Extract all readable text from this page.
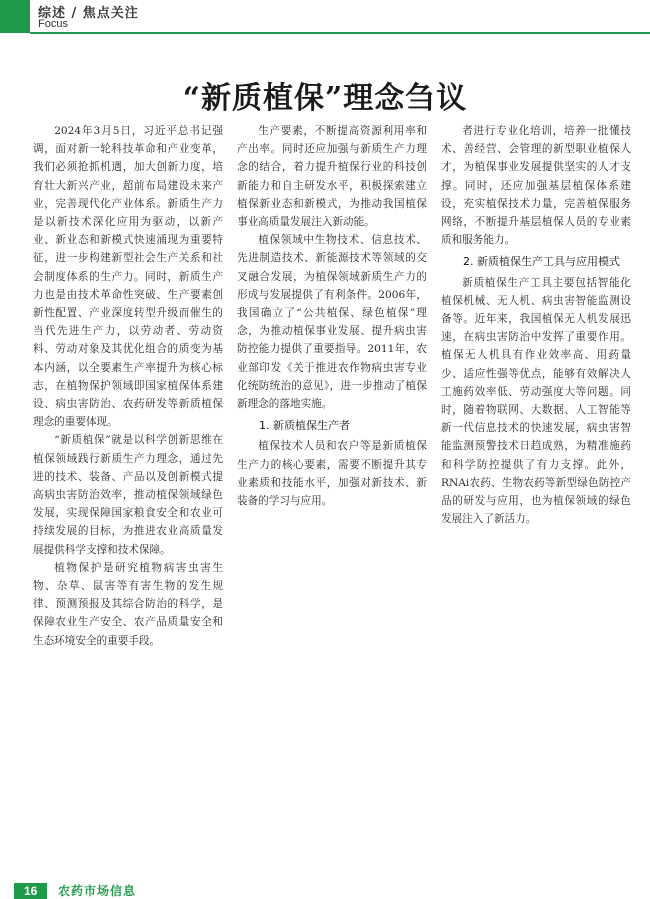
综述 / 焦点关注
Focus
“新质植保”理念刍议

2024年3月5日，习近平总书记强调，面对新一轮科技革命和产业变革，我们必须抢抓机遇，加大创新力度，培育壮大新兴产业，超前布局建设未来产业，完善现代化产业体系。新质生产力是以新技术深化应用为驱动，以新产业、新业态和新模式快速涌现为重要特征，进一步构建新型社会生产关系和社会制度体系的生产力。同时，新质生产力也是由技术革命性突破、生产要素创新性配置、产业深度转型升级而催生的当代先进生产力，以劳动者、劳动资料、劳动对象及其优化组合的质变为基本内涵，以全要素生产率提升为核心标志，在植物保护领域即国家植保体系建设、病虫害防治、农药研发等新质植保理念的重要体现。

“新质植保”就是以科学创新思维在植保领域践行新质生产力理念，通过先进的技术、装备、产品以及创新模式提高病虫害防治效率，推动植保领域绿色发展，实现保障国家粮食安全和农业可持续发展的目标，为推进农业高质量发展提供科学支撑和技术保障。

植物保护是研究植物病害虫害生物、杂草、鼠害等有害生物的发生规律、预测预报及其综合防治的科学，是保障农业生产安全、农产品质量安全和生态环境安全的重要手段。

生产要素，不断提高资源利用率和产出率。同时还应加强与新质生产力理念的结合，着力提升植保行业的科技创新能力和自主研发水平，积极探索建立植保新业态和新模式，为推动我国植保事业高质量发展注入新动能。

植保领域中生物技术、信息技术、先进制造技术、新能源技术等领域的交叉融合发展，为植保领域新质生产力的形成与发展提供了有利条件。2006年，我国确立了“公共植保、绿色植保”理念，为推动植保事业发展、提升病虫害防控能力提供了重要指导。2011年，农业部印发《关于推进农作物病虫害专业化统防统治的意见》，进一步推动了植保新理念的落地实施。

1. 新质植保生产者

植保技术人员和农户等是新质植保生产力的核心要素，需要不断提升其专业素质和技能水平，加强对新技术、新装备的学习与应用。

者进行专业化培训，培养一批懂技术、善经营、会管理的新型职业植保人才，为植保事业发展提供坚实的人才支撑。同时，还应加强基层植保体系建设，充实植保技术力量，完善植保服务网络，不断提升基层植保人员的专业素质和服务能力。

2. 新质植保生产工具与应用模式

新质植保生产工具主要包括智能化植保机械、无人机、病虫害智能监测设备等。近年来，我国植保无人机发展迅速，在病虫害防治中发挥了重要作用。植保无人机具有作业效率高、用药量少、适应性强等优点，能够有效解决人工施药效率低、劳动强度大等问题。同时，随着物联网、大数据、人工智能等新一代信息技术的快速发展，病虫害智能监测预警技术日趋成熟，为精准施药和科学防控提供了有力支撑。此外，RNAi农药、生物农药等新型绿色防控产品的研发与应用，也为植保领域的绿色发展注入了新活力。

16	农药市场信息
